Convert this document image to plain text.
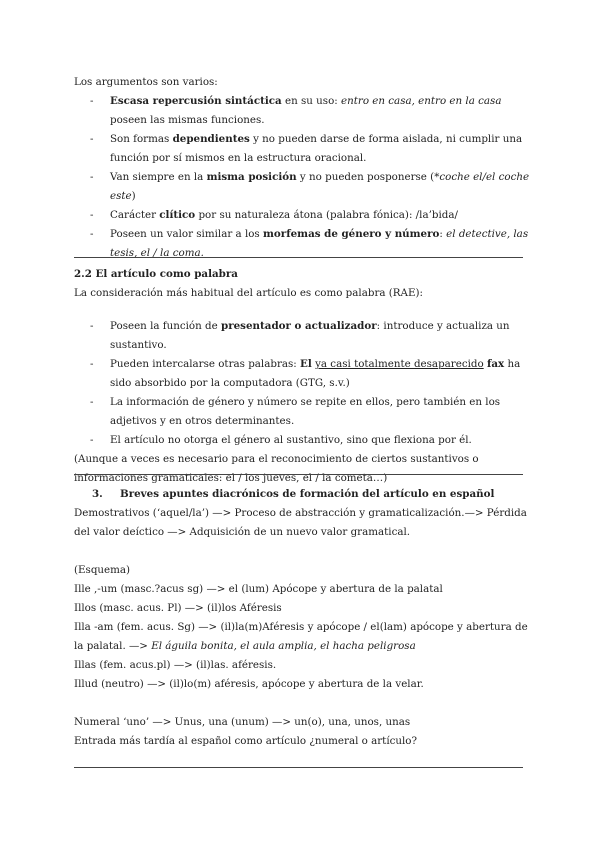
Los argumentos son varios:
- Escasa repercusión sintáctica en su uso: entro en casa, entro en la casa poseen las mismas funciones.
- Son formas dependientes y no pueden darse de forma aislada, ni cumplir una función por sí mismos en la estructura oracional.
- Van siempre en la misma posición y no pueden posponerse (*coche el/el coche este)
- Carácter clítico por su naturaleza átona (palabra fónica): /la’bida/
- Poseen un valor similar a los morfemas de género y número: el detective, las tesis, el / la coma.
2.2 El artículo como palabra
La consideración más habitual del artículo es como palabra (RAE):
- Poseen la función de presentador o actualizador: introduce y actualiza un sustantivo.
- Pueden intercalarse otras palabras: El ya casi totalmente desaparecido fax ha sido absorbido por la computadora (GTG, s.v.)
- La información de género y número se repite en ellos, pero también en los adjetivos y en otros determinantes.
- El artículo no otorga el género al sustantivo, sino que flexiona por él.
(Aunque a veces es necesario para el reconocimiento de ciertos sustantivos o informaciones gramaticales: el / los jueves, el / la cometa…)
3. Breves apuntes diacrónicos de formación del artículo en español
Demostrativos (‘aquel/la’) —> Proceso de abstracción y gramaticalización.—> Pérdida del valor deíctico —> Adquisición de un nuevo valor gramatical.
(Esquema)
Ille ,-um (masc.?acus sg) —> el (lum) Apócope y abertura de la palatal
Illos (masc. acus. Pl) —> (il)los Aféresis
Illa -am (fem. acus. Sg) —> (il)la(m)Aféresis y apócope / el(lam) apócope y abertura de la palatal. —> El águila bonita, el aula amplia, el hacha peligrosa
Illas (fem. acus.pl) —> (il)las. aféresis.
Illud (neutro) —> (il)lo(m) aféresis, apócope y abertura de la velar.
Numeral ‘uno’ —> Unus, una (unum) —> un(o), una, unos, unas
Entrada más tardía al español como artículo ¿numeral o artículo?
